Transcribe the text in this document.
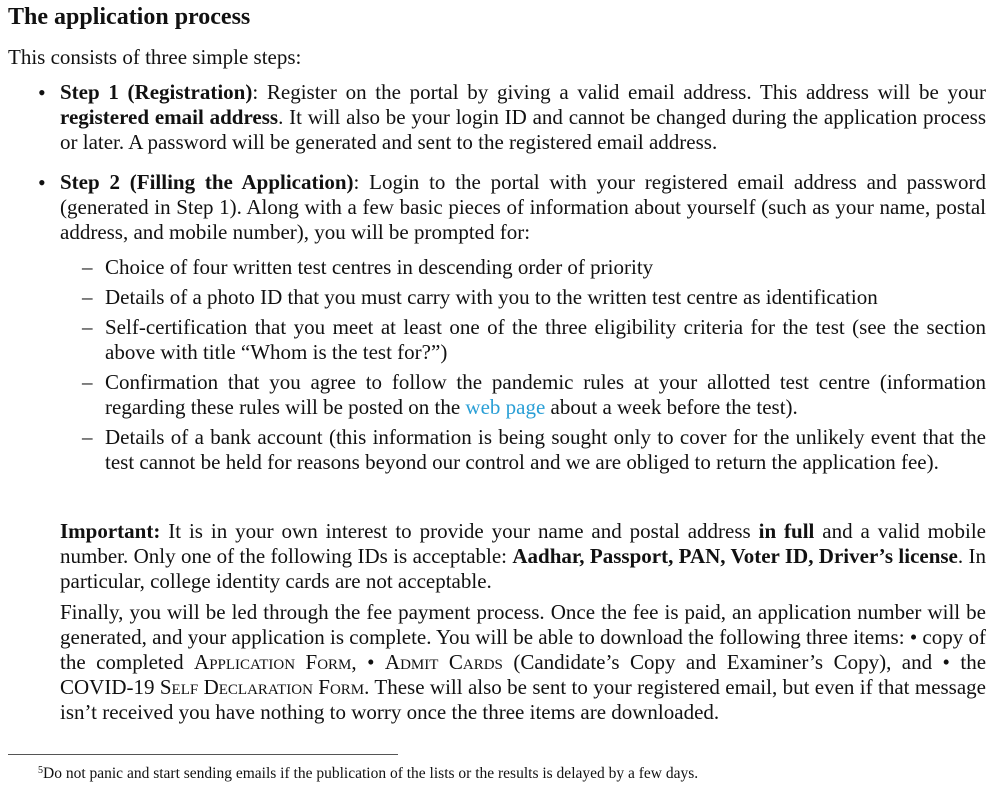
The application process

This consists of three simple steps:

• Step 1 (Registration): Register on the portal by giving a valid email address. This address will be your registered email address. It will also be your login ID and cannot be changed during the application process or later. A password will be generated and sent to the registered email address.
• Step 2 (Filling the Application): Login to the portal with your registered email address and password (generated in Step 1). Along with a few basic pieces of information about yourself (such as your name, postal address, and mobile number), you will be prompted for:
– Choice of four written test centres in descending order of priority
– Details of a photo ID that you must carry with you to the written test centre as identification
– Self-certification that you meet at least one of the three eligibility criteria for the test (see the section above with title “Whom is the test for?”)
– Confirmation that you agree to follow the pandemic rules at your allotted test centre (information regarding these rules will be posted on the web page about a week before the test).
– Details of a bank account (this information is being sought only to cover for the unlikely event that the test cannot be held for reasons beyond our control and we are obliged to return the application fee).

Important: It is in your own interest to provide your name and postal address in full and a valid mobile number. Only one of the following IDs is acceptable: Aadhar, Passport, PAN, Voter ID, Driver’s license. In particular, college identity cards are not acceptable.

Finally, you will be led through the fee payment process. Once the fee is paid, an application number will be generated, and your application is complete. You will be able to download the following three items: • copy of the completed Application Form, • Admit Cards (Candidate’s Copy and Examiner’s Copy), and • the COVID-19 Self Declaration Form. These will also be sent to your registered email, but even if that message isn’t received you have nothing to worry once the three items are downloaded.

$^5$Do not panic and start sending emails if the publication of the lists or the results is delayed by a few days.
